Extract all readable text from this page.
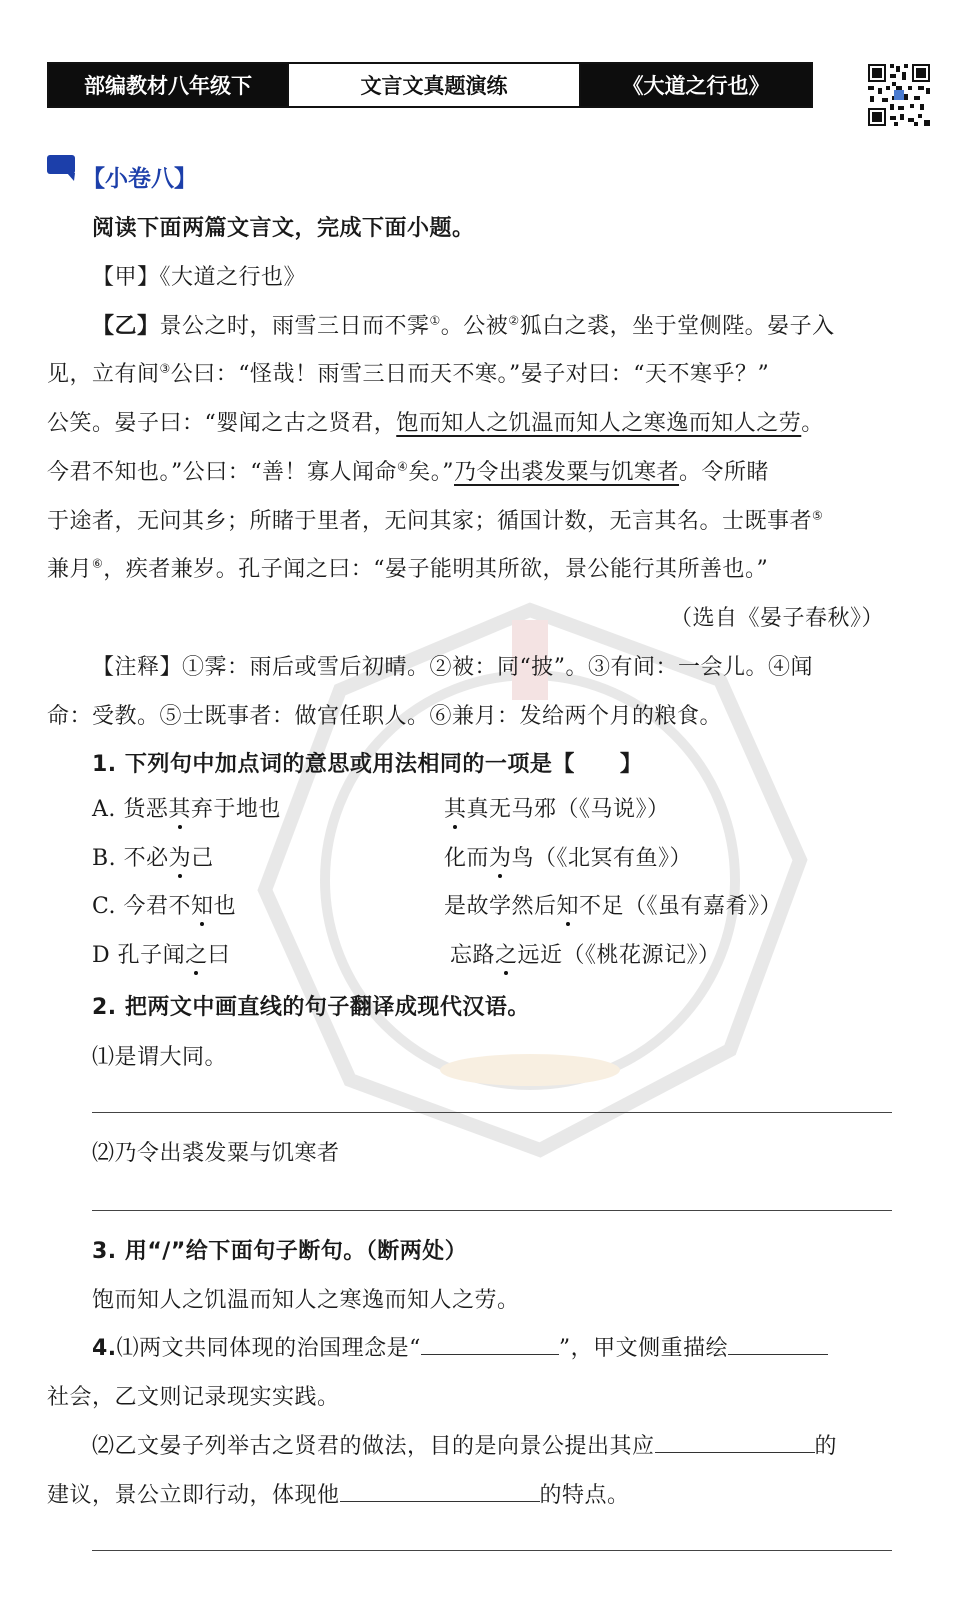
部编教材八年级下	文言文真题演练	《大道之行也》
【小卷八】
阅读下面两篇文言文，完成下面小题。
【甲】《大道之行也》
【乙】景公之时，雨雪三日而不霁①。公被②狐白之裘，坐于堂侧陛。晏子入
见，立有间③公曰：“怪哉！雨雪三日而天不寒。”晏子对曰：“天不寒乎？”
公笑。晏子曰：“婴闻之古之贤君，饱而知人之饥温而知人之寒逸而知人之劳。
今君不知也。”公曰：“善！寡人闻命④矣。”乃令出裘发粟与饥寒者。令所睹
于途者，无问其乡；所睹于里者，无问其家；循国计数，无言其名。士既事者⑤
兼月⑥，疾者兼岁。孔子闻之曰：“晏子能明其所欲，景公能行其所善也。”
（选自《晏子春秋》）
【注释】①霁：雨后或雪后初晴。②被：同“披”。③有间：一会儿。④闻
命：受教。⑤士既事者：做官任职人。⑥兼月：发给两个月的粮食。
1. 下列句中加点词的意思或用法相同的一项是【　　】
A. 货恶其弃于地也	其真无马邪（《马说》）
B. 不必为己	化而为鸟（《北冥有鱼》）
C. 今君不知也	是故学然后知不足（《虽有嘉肴》）
D 孔子闻之曰	忘路之远近（《桃花源记》）
2. 把两文中画直线的句子翻译成现代汉语。
⑴是谓大同。
⑵乃令出裘发粟与饥寒者
3. 用“/”给下面句子断句。（断两处）
饱而知人之饥温而知人之寒逸而知人之劳。
4.⑴两文共同体现的治国理念是“	”，甲文侧重描绘
社会，乙文则记录现实实践。
⑵乙文晏子列举古之贤君的做法，目的是向景公提出其应	的
建议，景公立即行动，体现他	的特点。
